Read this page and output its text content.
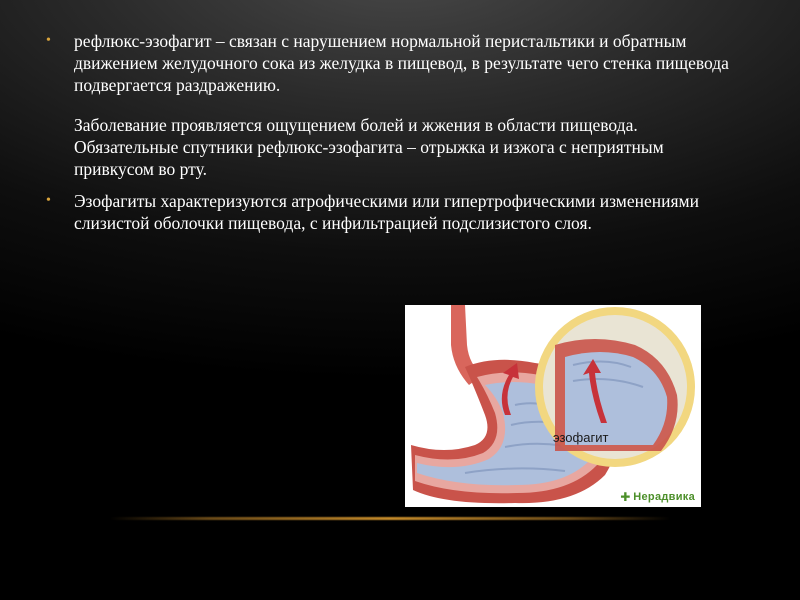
• рефлюкс-эзофагит – связан с нарушением нормальной перистальтики и обратным движением желудочного сока из желудка в пищевод, в результате чего стенка пищевода подвергается раздражению.

Заболевание проявляется ощущением болей и жжения в области пищевода. Обязательные спутники рефлюкс-эзофагита – отрыжка и изжога с неприятным привкусом во рту.

• Эзофагиты характеризуются атрофическими или гипертрофическими изменениями слизистой оболочки пищевода, с инфильтрацией подслизистого слоя.

эзофагит
✚ Нерадвика
